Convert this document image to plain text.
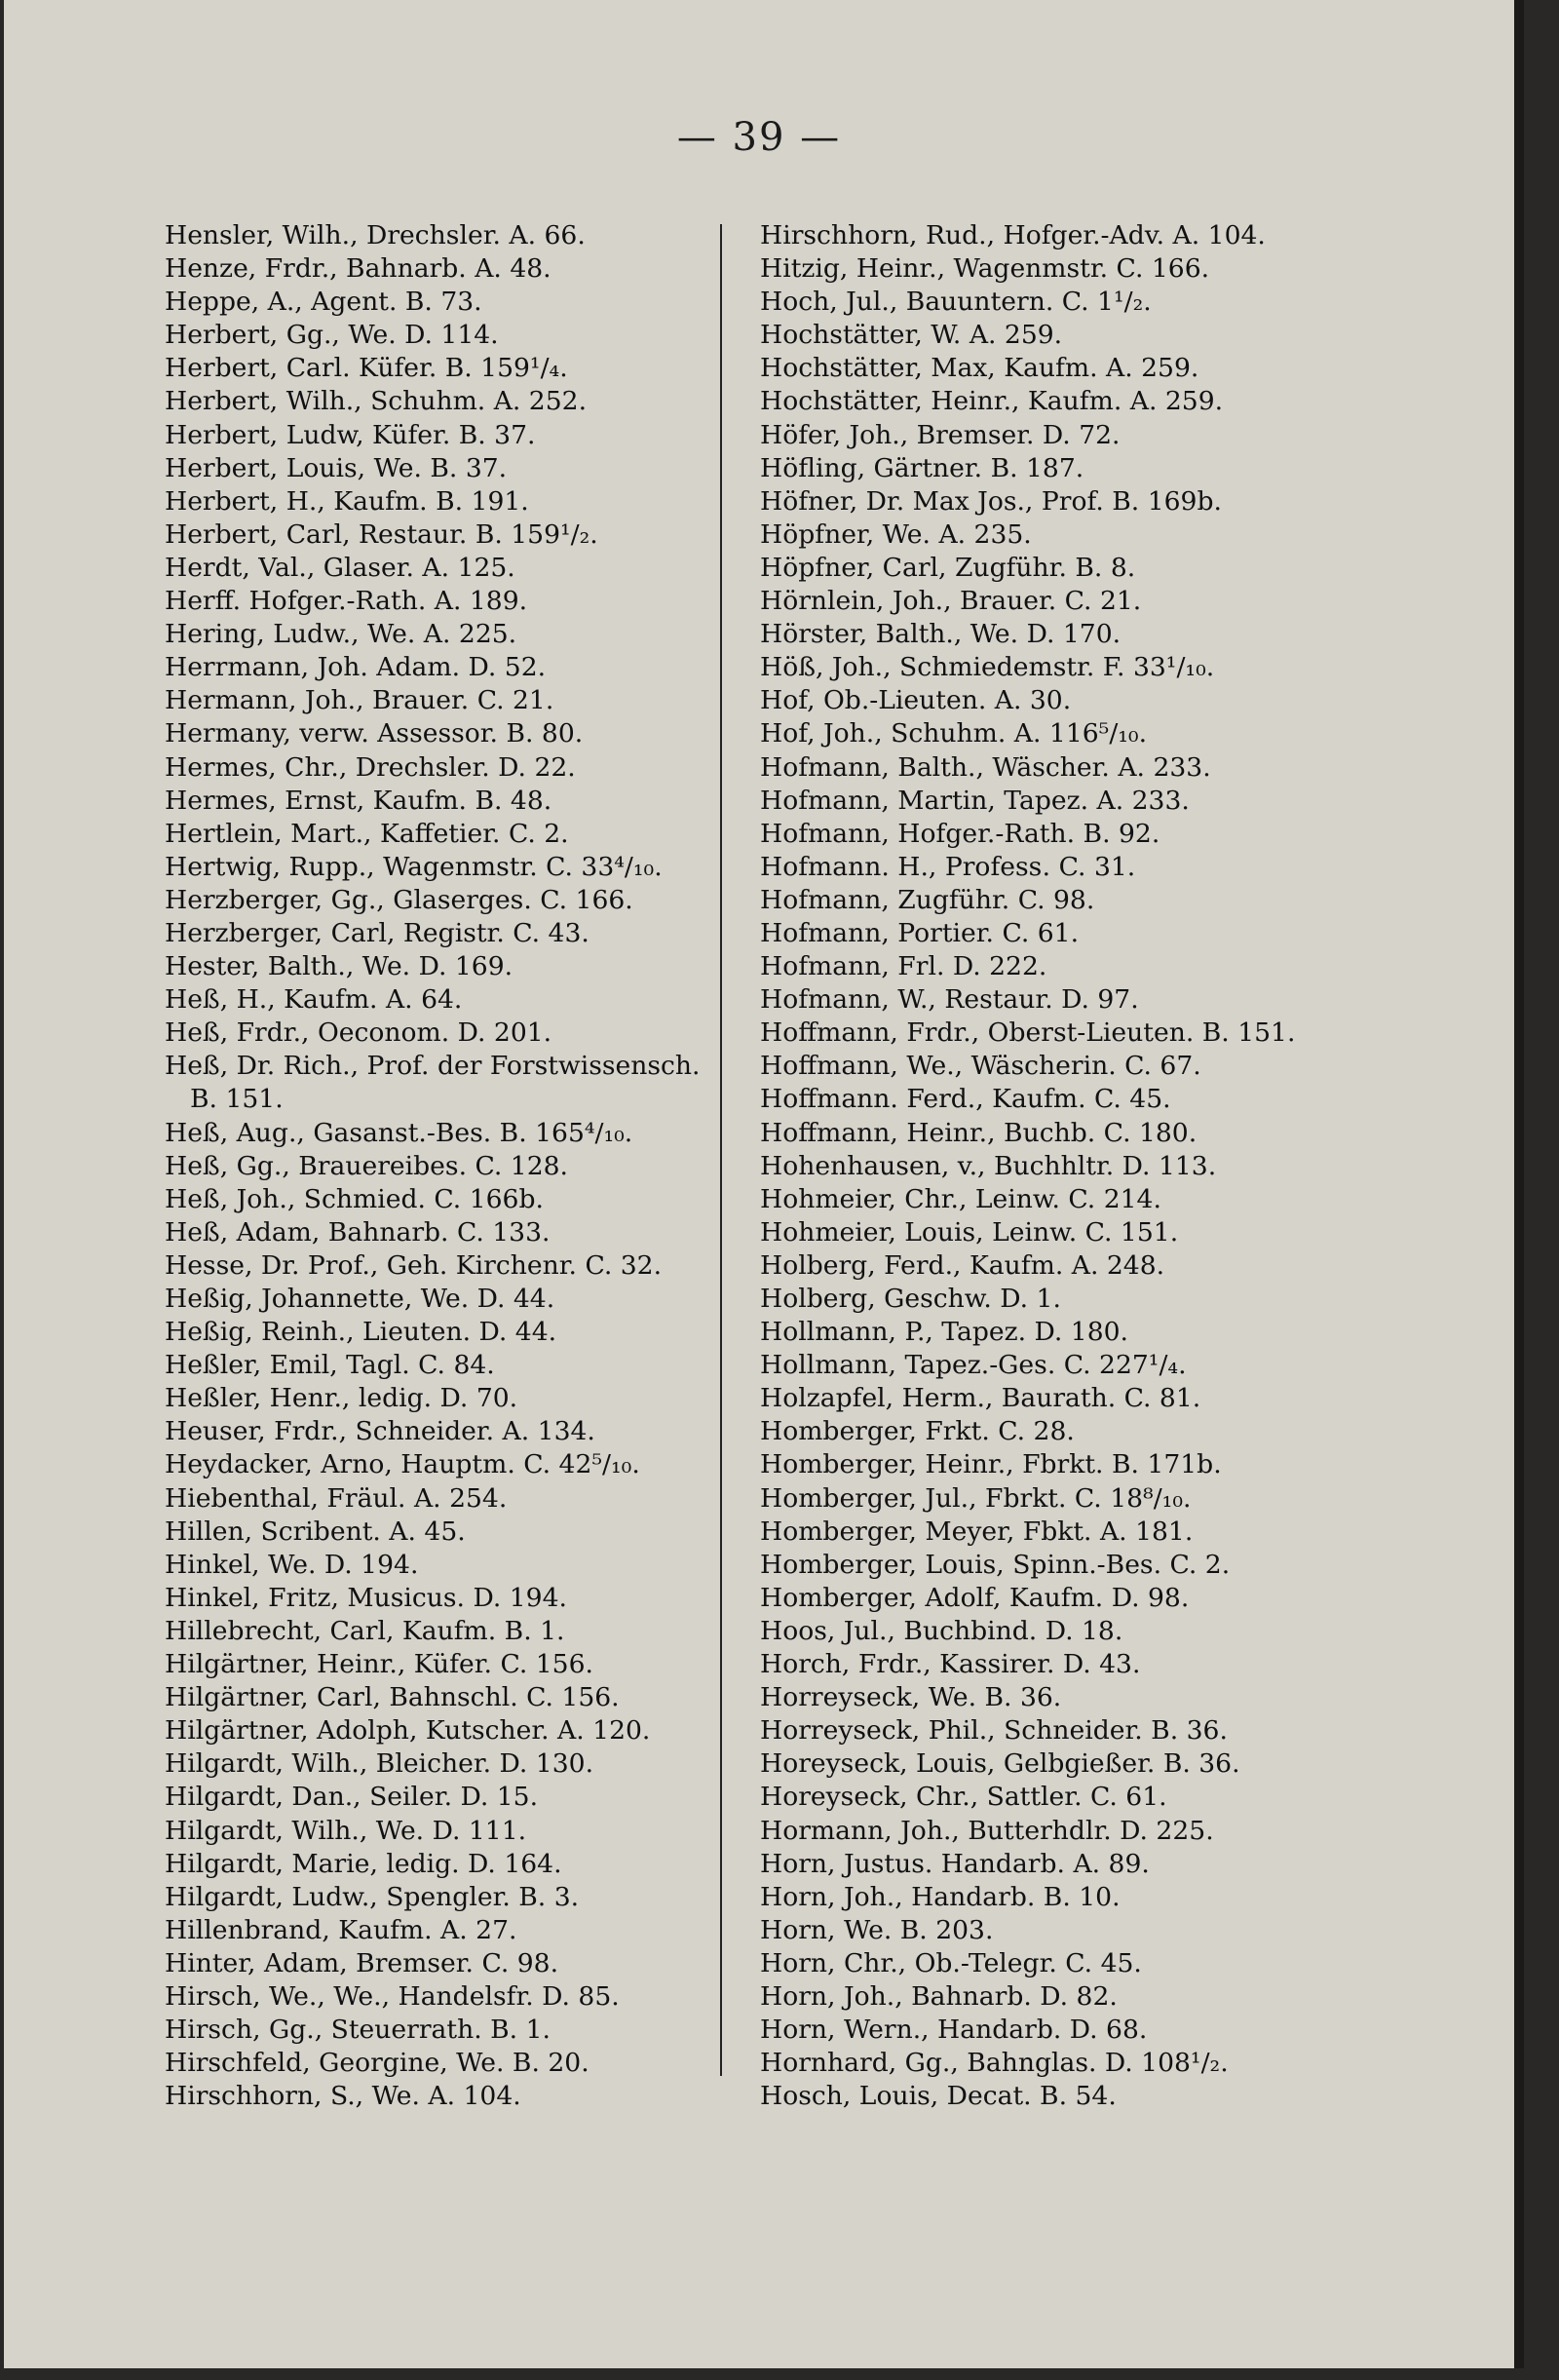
— 39 —
Hensler, Wilh., Drechsler. A. 66.
Henze, Frdr., Bahnarb. A. 48.
Heppe, A., Agent. B. 73.
Herbert, Gg., We. D. 114.
Herbert, Carl. Küfer. B. 159¹/₄.
Herbert, Wilh., Schuhm. A. 252.
Herbert, Ludw, Küfer. B. 37.
Herbert, Louis, We. B. 37.
Herbert, H., Kaufm. B. 191.
Herbert, Carl, Restaur. B. 159¹/₂.
Herdt, Val., Glaser. A. 125.
Herff. Hofger.-Rath. A. 189.
Hering, Ludw., We. A. 225.
Herrmann, Joh. Adam. D. 52.
Hermann, Joh., Brauer. C. 21.
Hermany, verw. Assessor. B. 80.
Hermes, Chr., Drechsler. D. 22.
Hermes, Ernst, Kaufm. B. 48.
Hertlein, Mart., Kaffetier. C. 2.
Hertwig, Rupp., Wagenmstr. C. 33⁴/₁₀.
Herzberger, Gg., Glaserges. C. 166.
Herzberger, Carl, Registr. C. 43.
Hester, Balth., We. D. 169.
Heß, H., Kaufm. A. 64.
Heß, Frdr., Oeconom. D. 201.
Heß, Dr. Rich., Prof. der Forstwissensch.
B. 151.
Heß, Aug., Gasanst.-Bes. B. 165⁴/₁₀.
Heß, Gg., Brauereibes. C. 128.
Heß, Joh., Schmied. C. 166b.
Heß, Adam, Bahnarb. C. 133.
Hesse, Dr. Prof., Geh. Kirchenr. C. 32.
Heßig, Johannette, We. D. 44.
Heßig, Reinh., Lieuten. D. 44.
Heßler, Emil, Tagl. C. 84.
Heßler, Henr., ledig. D. 70.
Heuser, Frdr., Schneider. A. 134.
Heydacker, Arno, Hauptm. C. 42⁵/₁₀.
Hiebenthal, Fräul. A. 254.
Hillen, Scribent. A. 45.
Hinkel, We. D. 194.
Hinkel, Fritz, Musicus. D. 194.
Hillebrecht, Carl, Kaufm. B. 1.
Hilgärtner, Heinr., Küfer. C. 156.
Hilgärtner, Carl, Bahnschl. C. 156.
Hilgärtner, Adolph, Kutscher. A. 120.
Hilgardt, Wilh., Bleicher. D. 130.
Hilgardt, Dan., Seiler. D. 15.
Hilgardt, Wilh., We. D. 111.
Hilgardt, Marie, ledig. D. 164.
Hilgardt, Ludw., Spengler. B. 3.
Hillenbrand, Kaufm. A. 27.
Hinter, Adam, Bremser. C. 98.
Hirsch, We., We., Handelsfr. D. 85.
Hirsch, Gg., Steuerrath. B. 1.
Hirschfeld, Georgine, We. B. 20.
Hirschhorn, S., We. A. 104.
Hirschhorn, Rud., Hofger.-Adv. A. 104.
Hitzig, Heinr., Wagenmstr. C. 166.
Hoch, Jul., Bauuntern. C. 1¹/₂.
Hochstätter, W. A. 259.
Hochstätter, Max, Kaufm. A. 259.
Hochstätter, Heinr., Kaufm. A. 259.
Höfer, Joh., Bremser. D. 72.
Höfling, Gärtner. B. 187.
Höfner, Dr. Max Jos., Prof. B. 169b.
Höpfner, We. A. 235.
Höpfner, Carl, Zugführ. B. 8.
Hörnlein, Joh., Brauer. C. 21.
Hörster, Balth., We. D. 170.
Höß, Joh., Schmiedemstr. F. 33¹/₁₀.
Hof, Ob.-Lieuten. A. 30.
Hof, Joh., Schuhm. A. 116⁵/₁₀.
Hofmann, Balth., Wäscher. A. 233.
Hofmann, Martin, Tapez. A. 233.
Hofmann, Hofger.-Rath. B. 92.
Hofmann. H., Profess․ C. 31.
Hofmann, Zugführ. C. 98.
Hofmann, Portier. C. 61.
Hofmann, Frl. D. 222.
Hofmann, W., Restaur. D. 97.
Hoffmann, Frdr., Oberst-Lieuten. B. 151.
Hoffmann, We., Wäscherin. C. 67.
Hoffmann. Ferd., Kaufm. C. 45.
Hoffmann, Heinr., Buchb. C. 180.
Hohenhausen, v., Buchhltr. D. 113.
Hohmeier, Chr., Leinw. C. 214.
Hohmeier, Louis, Leinw. C. 151.
Holberg, Ferd., Kaufm. A. 248.
Holberg, Geschw. D. 1.
Hollmann, P., Tapez. D. 180.
Hollmann, Tapez.-Ges. C. 227¹/₄.
Holzapfel, Herm., Baurath. C. 81.
Homberger, Frkt. C. 28.
Homberger, Heinr., Fbrkt. B. 171b.
Homberger, Jul., Fbrkt. C. 18⁸/₁₀.
Homberger, Meyer, Fbkt. A. 181.
Homberger, Louis, Spinn.-Bes. C. 2.
Homberger, Adolf, Kaufm. D. 98.
Hoos, Jul., Buchbind. D. 18.
Horch, Frdr., Kassirer. D. 43.
Horreyseck, We. B. 36.
Horreyseck, Phil., Schneider. B. 36.
Horeyseck, Louis, Gelbgießer. B. 36.
Horeyseck, Chr., Sattler. C. 61.
Hormann, Joh., Butterhdlr. D. 225.
Horn, Justus. Handarb. A. 89.
Horn, Joh., Handarb. B. 10.
Horn, We. B. 203.
Horn, Chr., Ob.-Telegr. C. 45.
Horn, Joh., Bahnarb. D. 82.
Horn, Wern., Handarb. D. 68.
Hornhard, Gg., Bahnglas. D. 108¹/₂.
Hosch, Louis, Decat. B. 54.
